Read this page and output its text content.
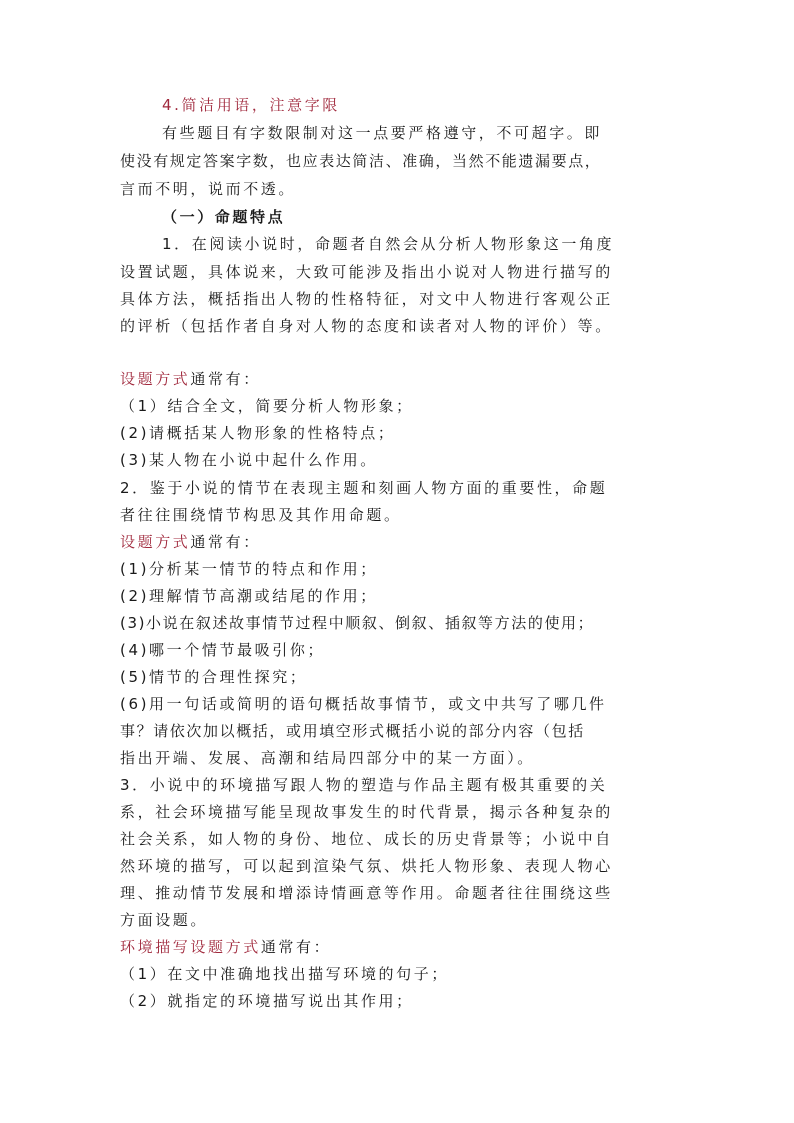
4.简洁用语，注意字限
有些题目有字数限制对这一点要严格遵守，不可超字。即
使没有规定答案字数，也应表达简洁、准确，当然不能遗漏要点，
言而不明，说而不透。
（一）命题特点
1．在阅读小说时，命题者自然会从分析人物形象这一角度
设置试题，具体说来，大致可能涉及指出小说对人物进行描写的
具体方法，概括指出人物的性格特征，对文中人物进行客观公正
的评析（包括作者自身对人物的态度和读者对人物的评价）等。
设题方式通常有：
（1）结合全文，简要分析人物形象；
(2)请概括某人物形象的性格特点；
(3)某人物在小说中起什么作用。
2．鉴于小说的情节在表现主题和刻画人物方面的重要性，命题
者往往围绕情节构思及其作用命题。
设题方式通常有：
(1)分析某一情节的特点和作用；
(2)理解情节高潮或结尾的作用；
(3)小说在叙述故事情节过程中顺叙、倒叙、插叙等方法的使用；
(4)哪一个情节最吸引你；
(5)情节的合理性探究；
(6)用一句话或简明的语句概括故事情节，或文中共写了哪几件
事？请依次加以概括，或用填空形式概括小说的部分内容（包括
指出开端、发展、高潮和结局四部分中的某一方面）。
3．小说中的环境描写跟人物的塑造与作品主题有极其重要的关
系，社会环境描写能呈现故事发生的时代背景，揭示各种复杂的
社会关系，如人物的身份、地位、成长的历史背景等；小说中自
然环境的描写，可以起到渲染气氛、烘托人物形象、表现人物心
理、推动情节发展和增添诗情画意等作用。命题者往往围绕这些
方面设题。
环境描写设题方式通常有：
（1）在文中准确地找出描写环境的句子；
（2）就指定的环境描写说出其作用；
